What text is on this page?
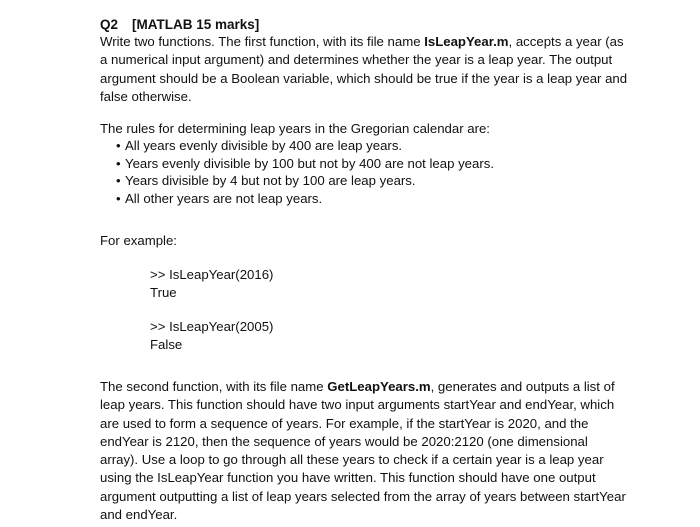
Q2 [MATLAB 15 marks]

Write two functions. The first function, with its file name IsLeapYear.m, accepts a year (as a numerical input argument) and determines whether the year is a leap year. The output argument should be a Boolean variable, which should be true if the year is a leap year and false otherwise.

The rules for determining leap years in the Gregorian calendar are:

• All years evenly divisible by 400 are leap years.
• Years evenly divisible by 100 but not by 400 are not leap years.
• Years divisible by 4 but not by 100 are leap years.
• All other years are not leap years.

For example:

>> IsLeapYear(2016)
True
>> IsLeapYear(2005)
False

The second function, with its file name GetLeapYears.m, generates and outputs a list of leap years. This function should have two input arguments startYear and endYear, which are used to form a sequence of years. For example, if the startYear is 2020, and the endYear is 2120, then the sequence of years would be 2020:2120 (one dimensional array). Use a loop to go through all these years to check if a certain year is a leap year using the IsLeapYear function you have written. This function should have one output argument outputting a list of leap years selected from the array of years between startYear and endYear.
